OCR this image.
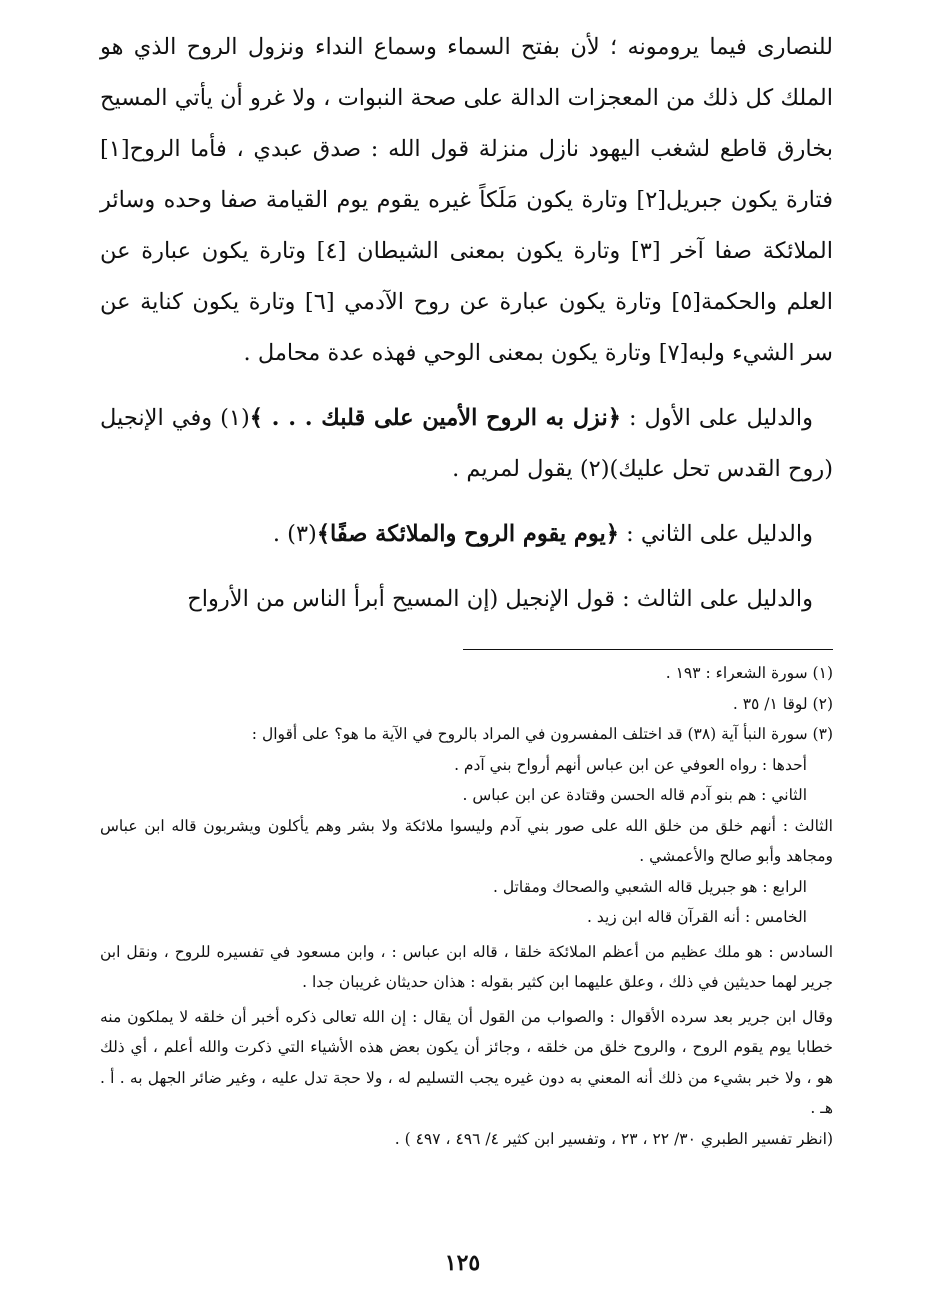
للنصارى فيما يرومونه ؛ لأن بفتح السماء وسماع النداء ونزول الروح الذي هو الملك كل ذلك من المعجزات الدالة على صحة النبوات ، ولا غرو أن يأتي المسيح بخارق قاطع لشغب اليهود نازل منزلة قول الله : صدق عبدي ، فأما الروح[١] فتارة يكون جبريل[٢] وتارة يكون مَلَكاً غيره يقوم يوم القيامة صفا وحده وسائر الملائكة صفا آخر [٣] وتارة يكون بمعنى الشيطان [٤] وتارة يكون عبارة عن العلم والحكمة[٥] وتارة يكون عبارة عن روح الآدمي [٦] وتارة يكون كناية عن سر الشيء ولبه[٧] وتارة يكون بمعنى الوحي فهذه عدة محامل .

والدليل على الأول : ﴿نزل به الروح الأمين على قلبك . . . ﴾(١) وفي الإنجيل (روح القدس تحل عليك)(٢) يقول لمريم .

والدليل على الثاني : ﴿يوم يقوم الروح والملائكة صفًا﴾(٣) .

والدليل على الثالث : قول الإنجيل (إن المسيح أبرأ الناس من الأرواح

(١) سورة الشعراء : ١٩٣ .

(٢) لوقا ١/ ٣٥ .

(٣) سورة النبأ آية (٣٨) قد اختلف المفسرون في المراد بالروح في الآية ما هو؟ على أقوال :

أحدها : رواه العوفي عن ابن عباس أنهم أرواح بني آدم .

الثاني : هم بنو آدم قاله الحسن وقتادة عن ابن عباس .

الثالث : أنهم خلق من خلق الله على صور بني آدم وليسوا ملائكة ولا بشر وهم يأكلون ويشربون قاله ابن عباس ومجاهد وأبو صالح والأعمشي .

الرابع : هو جبريل قاله الشعبي والصحاك ومقاتل .

الخامس : أنه القرآن قاله ابن زيد .

السادس : هو ملك عظيم من أعظم الملائكة خلقا ، قاله ابن عباس : ، وابن مسعود في تفسيره للروح ، ونقل ابن جرير لهما حديثين في ذلك ، وعلق عليهما ابن كثير بقوله : هذان حديثان غريبان جدا .

وقال ابن جرير بعد سرده الأقوال : والصواب من القول أن يقال : إن الله تعالى ذكره أخبر أن خلقه لا يملكون منه خطابا يوم يقوم الروح ، والروح خلق من خلقه ، وجائز أن يكون بعض هذه الأشياء التي ذكرت والله أعلم ، أي ذلك هو ، ولا خبر بشيء من ذلك أنه المعني به دون غيره يجب التسليم له ، ولا حجة تدل عليه ، وغير ضائر الجهل به . أ . هـ .

(انظر تفسير الطبري ٣٠/ ٢٢ ، ٢٣ ، وتفسير ابن كثير ٤/ ٤٩٦ ، ٤٩٧ ) .

١٢٥
